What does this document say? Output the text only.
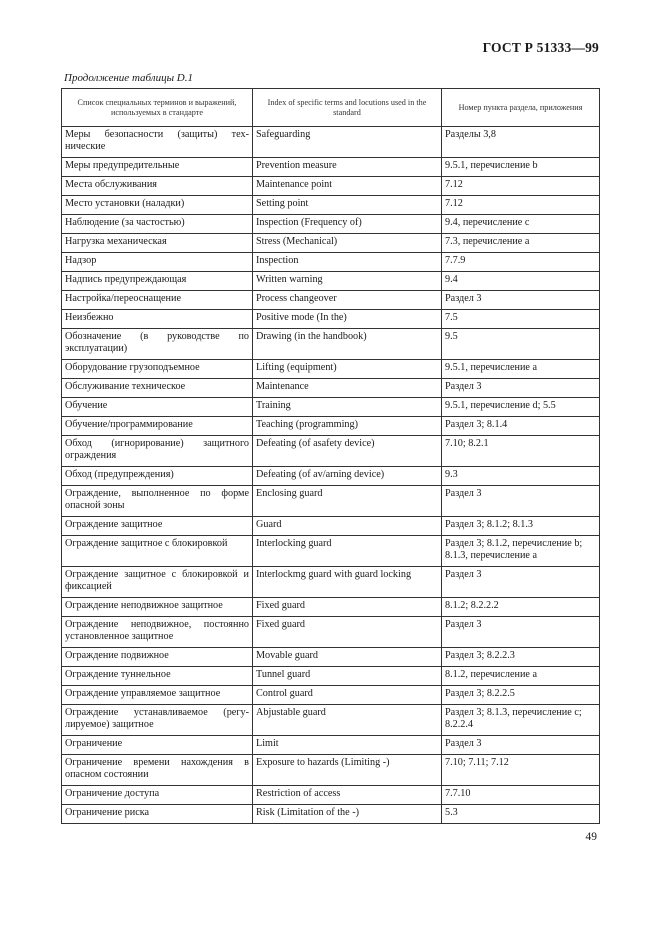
ГОСТ Р 51333—99
Продолжение таблицы D.1
Список специальных терминов и выражений, используемых в стандарте	Index of specific terms and locutions used in the standard	Номер пункта раздела, приложения
Меры безопасности (защиты) технические	Safeguarding	Разделы 3,8
Меры предупредительные	Prevention measure	9.5.1, перечисление b
Места обслуживания	Maintenance point	7.12
Место установки (наладки)	Setting point	7.12
Наблюдение (за частостью)	Inspection (Frequency of)	9.4, перечисление c
Нагрузка механическая	Stress (Mechanical)	7.3, перечисление a
Надзор	Inspection	7.7.9
Надпись предупреждающая	Written warning	9.4
Настройка/переоснащение	Process changeover	Раздел 3
Неизбежно	Positive mode (In the)	7.5
Обозначение (в руководстве по эксплуатации)	Drawing (in the handbook)	9.5
Оборудование грузоподъемное	Lifting (equipment)	9.5.1, перечисление a
Обслуживание техническое	Maintenance	Раздел 3
Обучение	Training	9.5.1, перечисление d; 5.5
Обучение/программирование	Teaching (programming)	Раздел 3; 8.1.4
Обход (игнорирование) защитного ограждения	Defeating (of asafety device)	7.10; 8.2.1
Обход (предупреждения)	Defeating (of av/arning device)	9.3
Ограждение, выполненное по форме опасной зоны	Enclosing guard	Раздел 3
Ограждение защитное	Guard	Раздел 3; 8.1.2; 8.1.3
Ограждение защитное с блокировкой	Interlocking guard	Раздел 3; 8.1.2, перечисление b; 8.1.3, перечисление a
Ограждение защитное с блокировкой и фиксацией	Interlockmg guard with guard locking	Раздел 3
Ограждение неподвижное защитное	Fixed guard	8.1.2; 8.2.2.2
Ограждение неподвижное, постоянно установленное защитное	Fixed guard	Раздел 3
Ограждение подвижное	Movable guard	Раздел 3; 8.2.2.3
Ограждение туннельное	Tunnel guard	8.1.2, перечисление a
Ограждение управляемое защитное	Control guard	Раздел 3; 8.2.2.5
Ограждение устанавливаемое (регулируемое) защитное	Abjustable guard	Раздел 3; 8.1.3, перечисление c; 8.2.2.4
Ограничение	Limit	Раздел 3
Ограничение времени нахождения в опасном состоянии	Exposure to hazards (Limiting -)	7.10; 7.11; 7.12
Ограничение доступа	Restriction of access	7.7.10
Ограничение риска	Risk (Limitation of the -)	5.3
49
